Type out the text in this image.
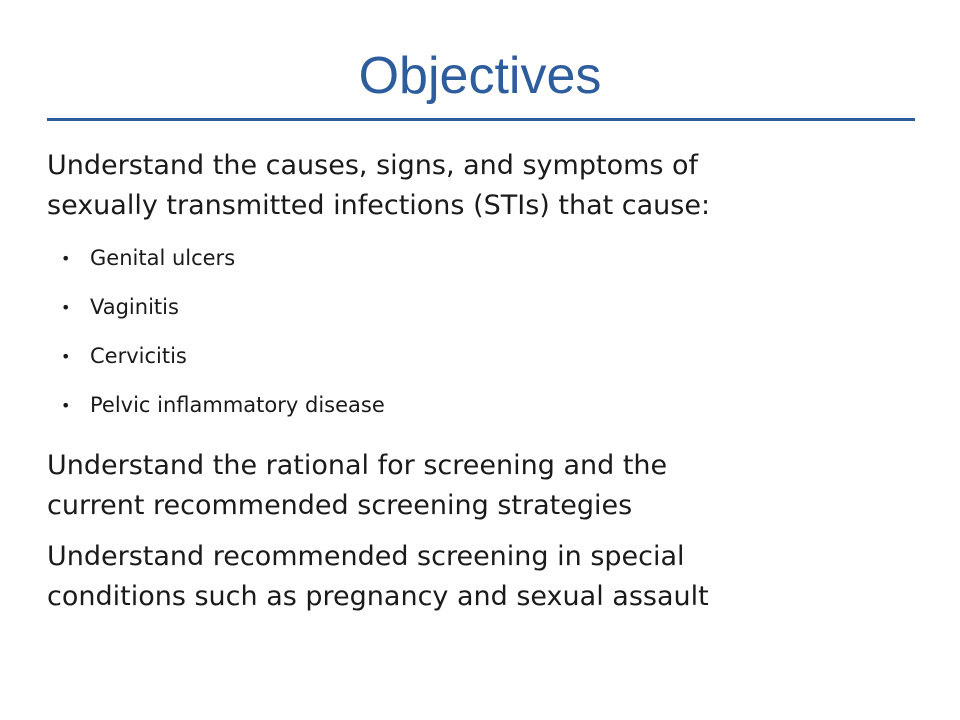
Objectives

Understand the causes, signs, and symptoms of
sexually transmitted infections (STIs) that cause:

• Genital ulcers
• Vaginitis
• Cervicitis
• Pelvic inflammatory disease

Understand the rational for screening and the
current recommended screening strategies

Understand recommended screening in special
conditions such as pregnancy and sexual assault
